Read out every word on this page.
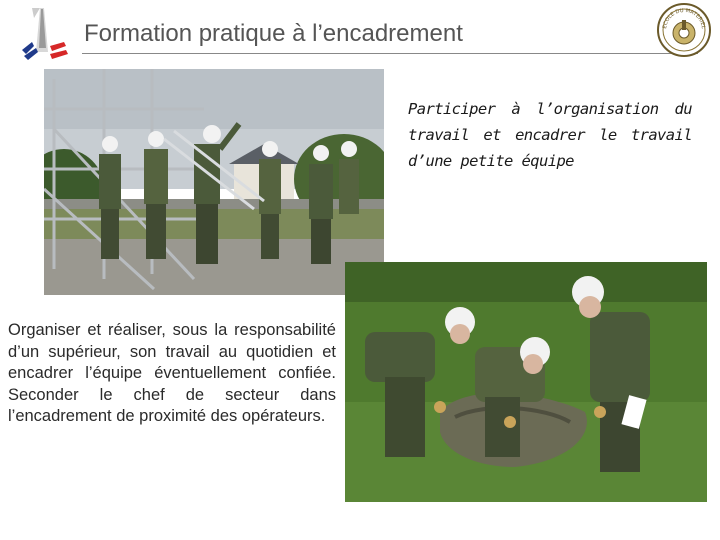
Formation pratique à l’encadrement	ECOLE DU MATERIEL
Participer à l’organisation du travail et encadrer le travail d’une petite équipe
Organiser et réaliser, sous la responsabilité d’un supérieur, son travail au quotidien et encadrer l’équipe éventuellement confiée. Seconder le chef de secteur dans l’encadrement de proximité des opérateurs.
